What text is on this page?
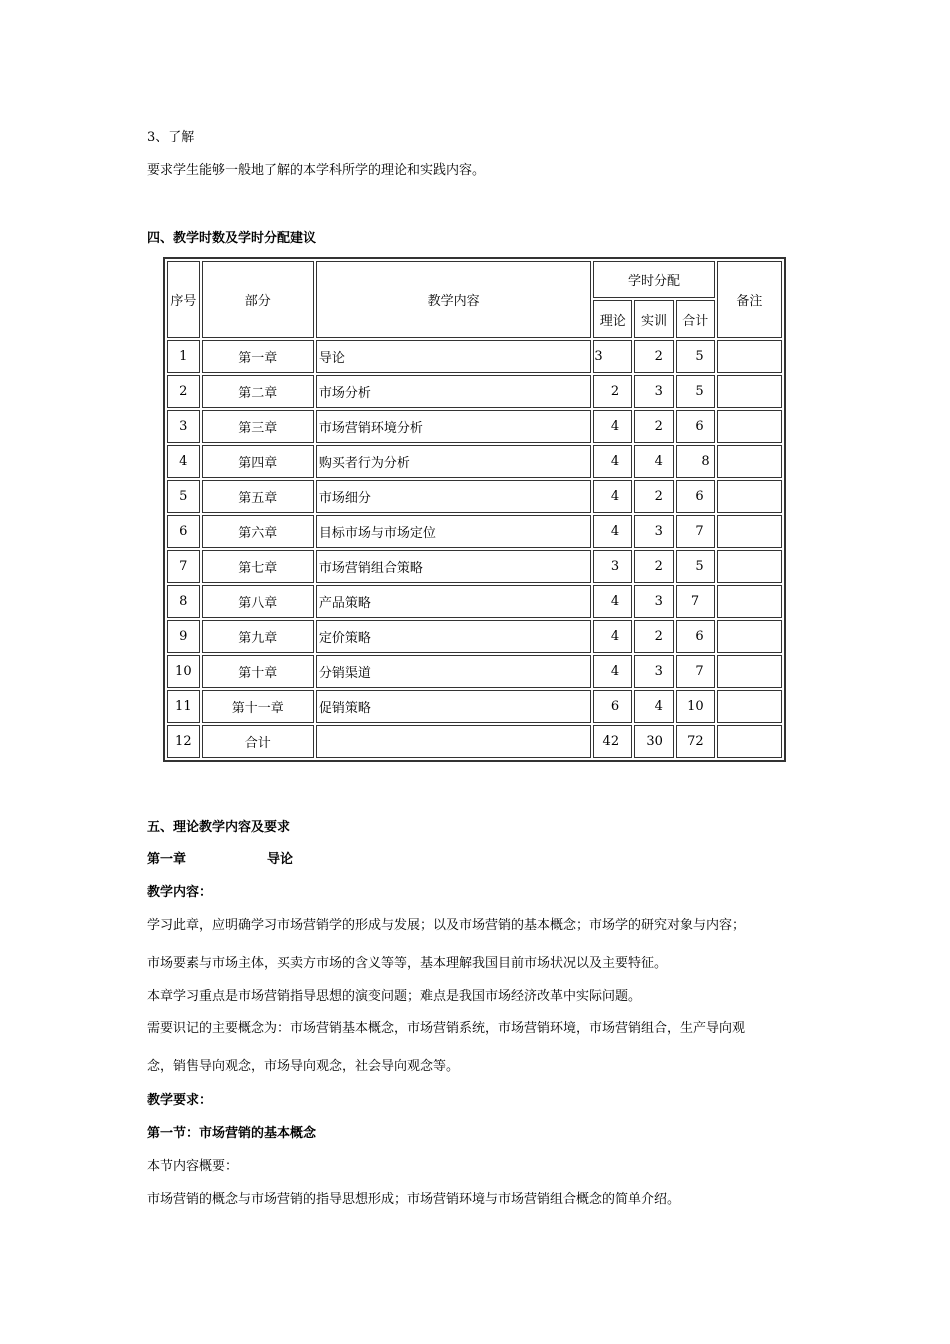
3、了解
要求学生能够一般地了解的本学科所学的理论和实践内容。
四、教学时数及学时分配建议
序号	部分	教学内容	学时分配			备注
			理论	实训	合计	
1	第一章	导论	3	2	5	
2	第二章	市场分析	2	3	5	
3	第三章	市场营销环境分析	4	2	6	
4	第四章	购买者行为分析	4	4	8	
5	第五章	市场细分	4	2	6	
6	第六章	目标市场与市场定位	4	3	7	
7	第七章	市场营销组合策略	3	2	5	
8	第八章	产品策略	4	3	7	
9	第九章	定价策略	4	2	6	
10	第十章	分销渠道	4	3	7	
11	第十一章	促销策略	6	4	10	
12	合计		42	30	72	
五、理论教学内容及要求
第一章	导论
教学内容：
学习此章，应明确学习市场营销学的形成与发展；以及市场营销的基本概念；市场学的研究对象与内容；
市场要素与市场主体，买卖方市场的含义等等，基本理解我国目前市场状况以及主要特征。
本章学习重点是市场营销指导思想的演变问题；难点是我国市场经济改革中实际问题。
需要识记的主要概念为：市场营销基本概念，市场营销系统，市场营销环境，市场营销组合，生产导向观
念，销售导向观念，市场导向观念，社会导向观念等。
教学要求：
第一节：市场营销的基本概念
本节内容概要：
市场营销的概念与市场营销的指导思想形成；市场营销环境与市场营销组合概念的简单介绍。
